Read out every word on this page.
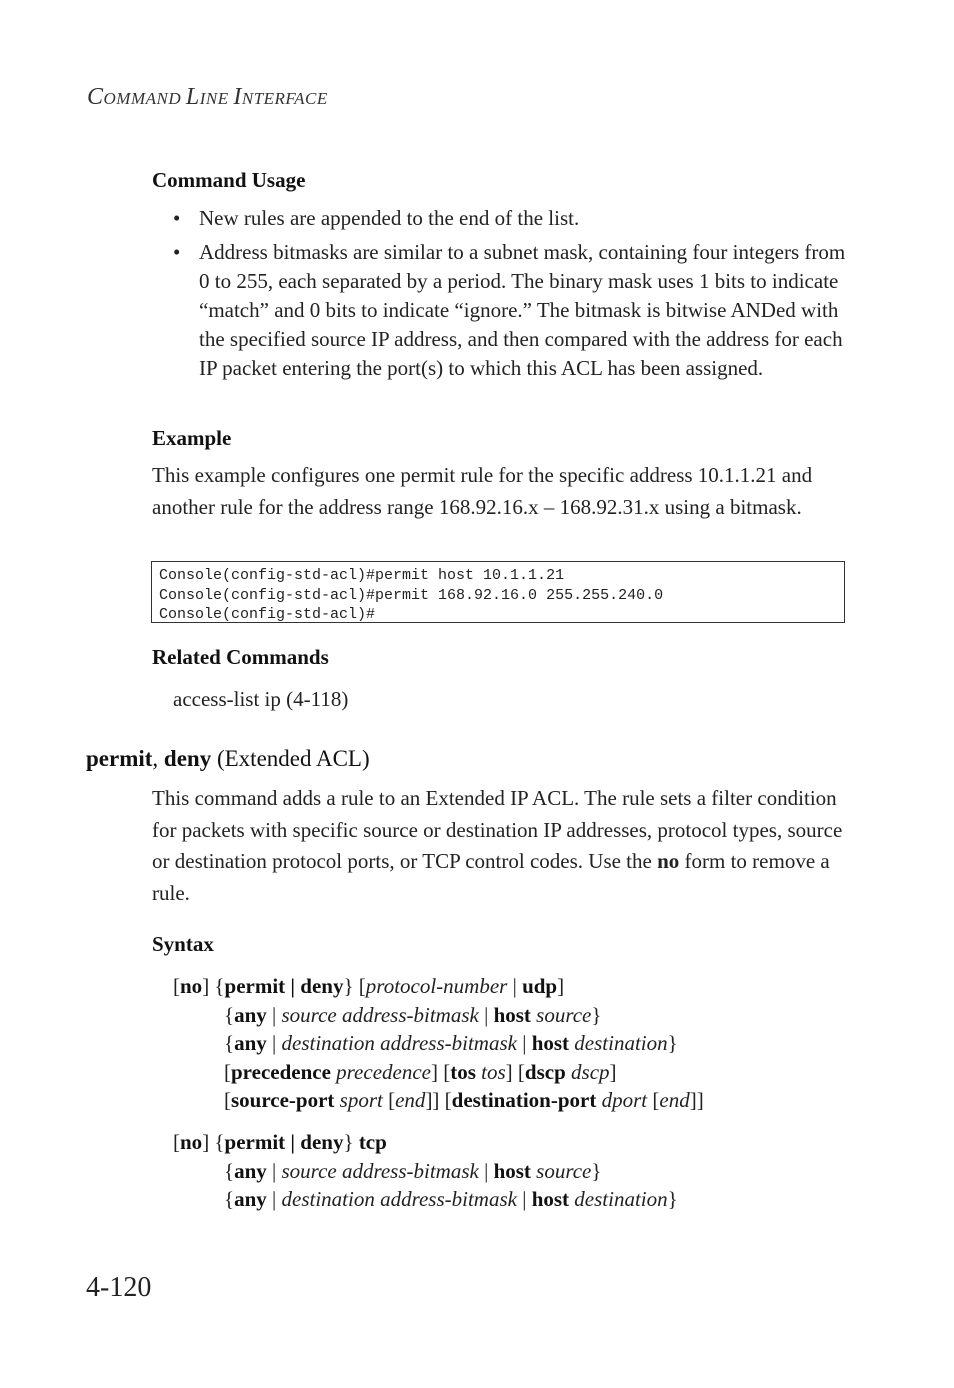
COMMAND LINE INTERFACE
Command Usage
• New rules are appended to the end of the list.
• Address bitmasks are similar to a subnet mask, containing four integers from 0 to 255, each separated by a period. The binary mask uses 1 bits to indicate “match” and 0 bits to indicate “ignore.” The bitmask is bitwise ANDed with the specified source IP address, and then compared with the address for each IP packet entering the port(s) to which this ACL has been assigned.
Example
This example configures one permit rule for the specific address 10.1.1.21 and another rule for the address range 168.92.16.x – 168.92.31.x using a bitmask.
Console(config-std-acl)#permit host 10.1.1.21
Console(config-std-acl)#permit 168.92.16.0 255.255.240.0
Console(config-std-acl)#
Related Commands
access-list ip (4-118)
permit, deny (Extended ACL)
This command adds a rule to an Extended IP ACL. The rule sets a filter condition for packets with specific source or destination IP addresses, protocol types, source or destination protocol ports, or TCP control codes. Use the no form to remove a rule.
Syntax
[no] {permit | deny} [protocol-number | udp]
{any | source address-bitmask | host source}
{any | destination address-bitmask | host destination}
[precedence precedence] [tos tos] [dscp dscp]
[source-port sport [end]] [destination-port dport [end]]
[no] {permit | deny} tcp
{any | source address-bitmask | host source}
{any | destination address-bitmask | host destination}
4-120
